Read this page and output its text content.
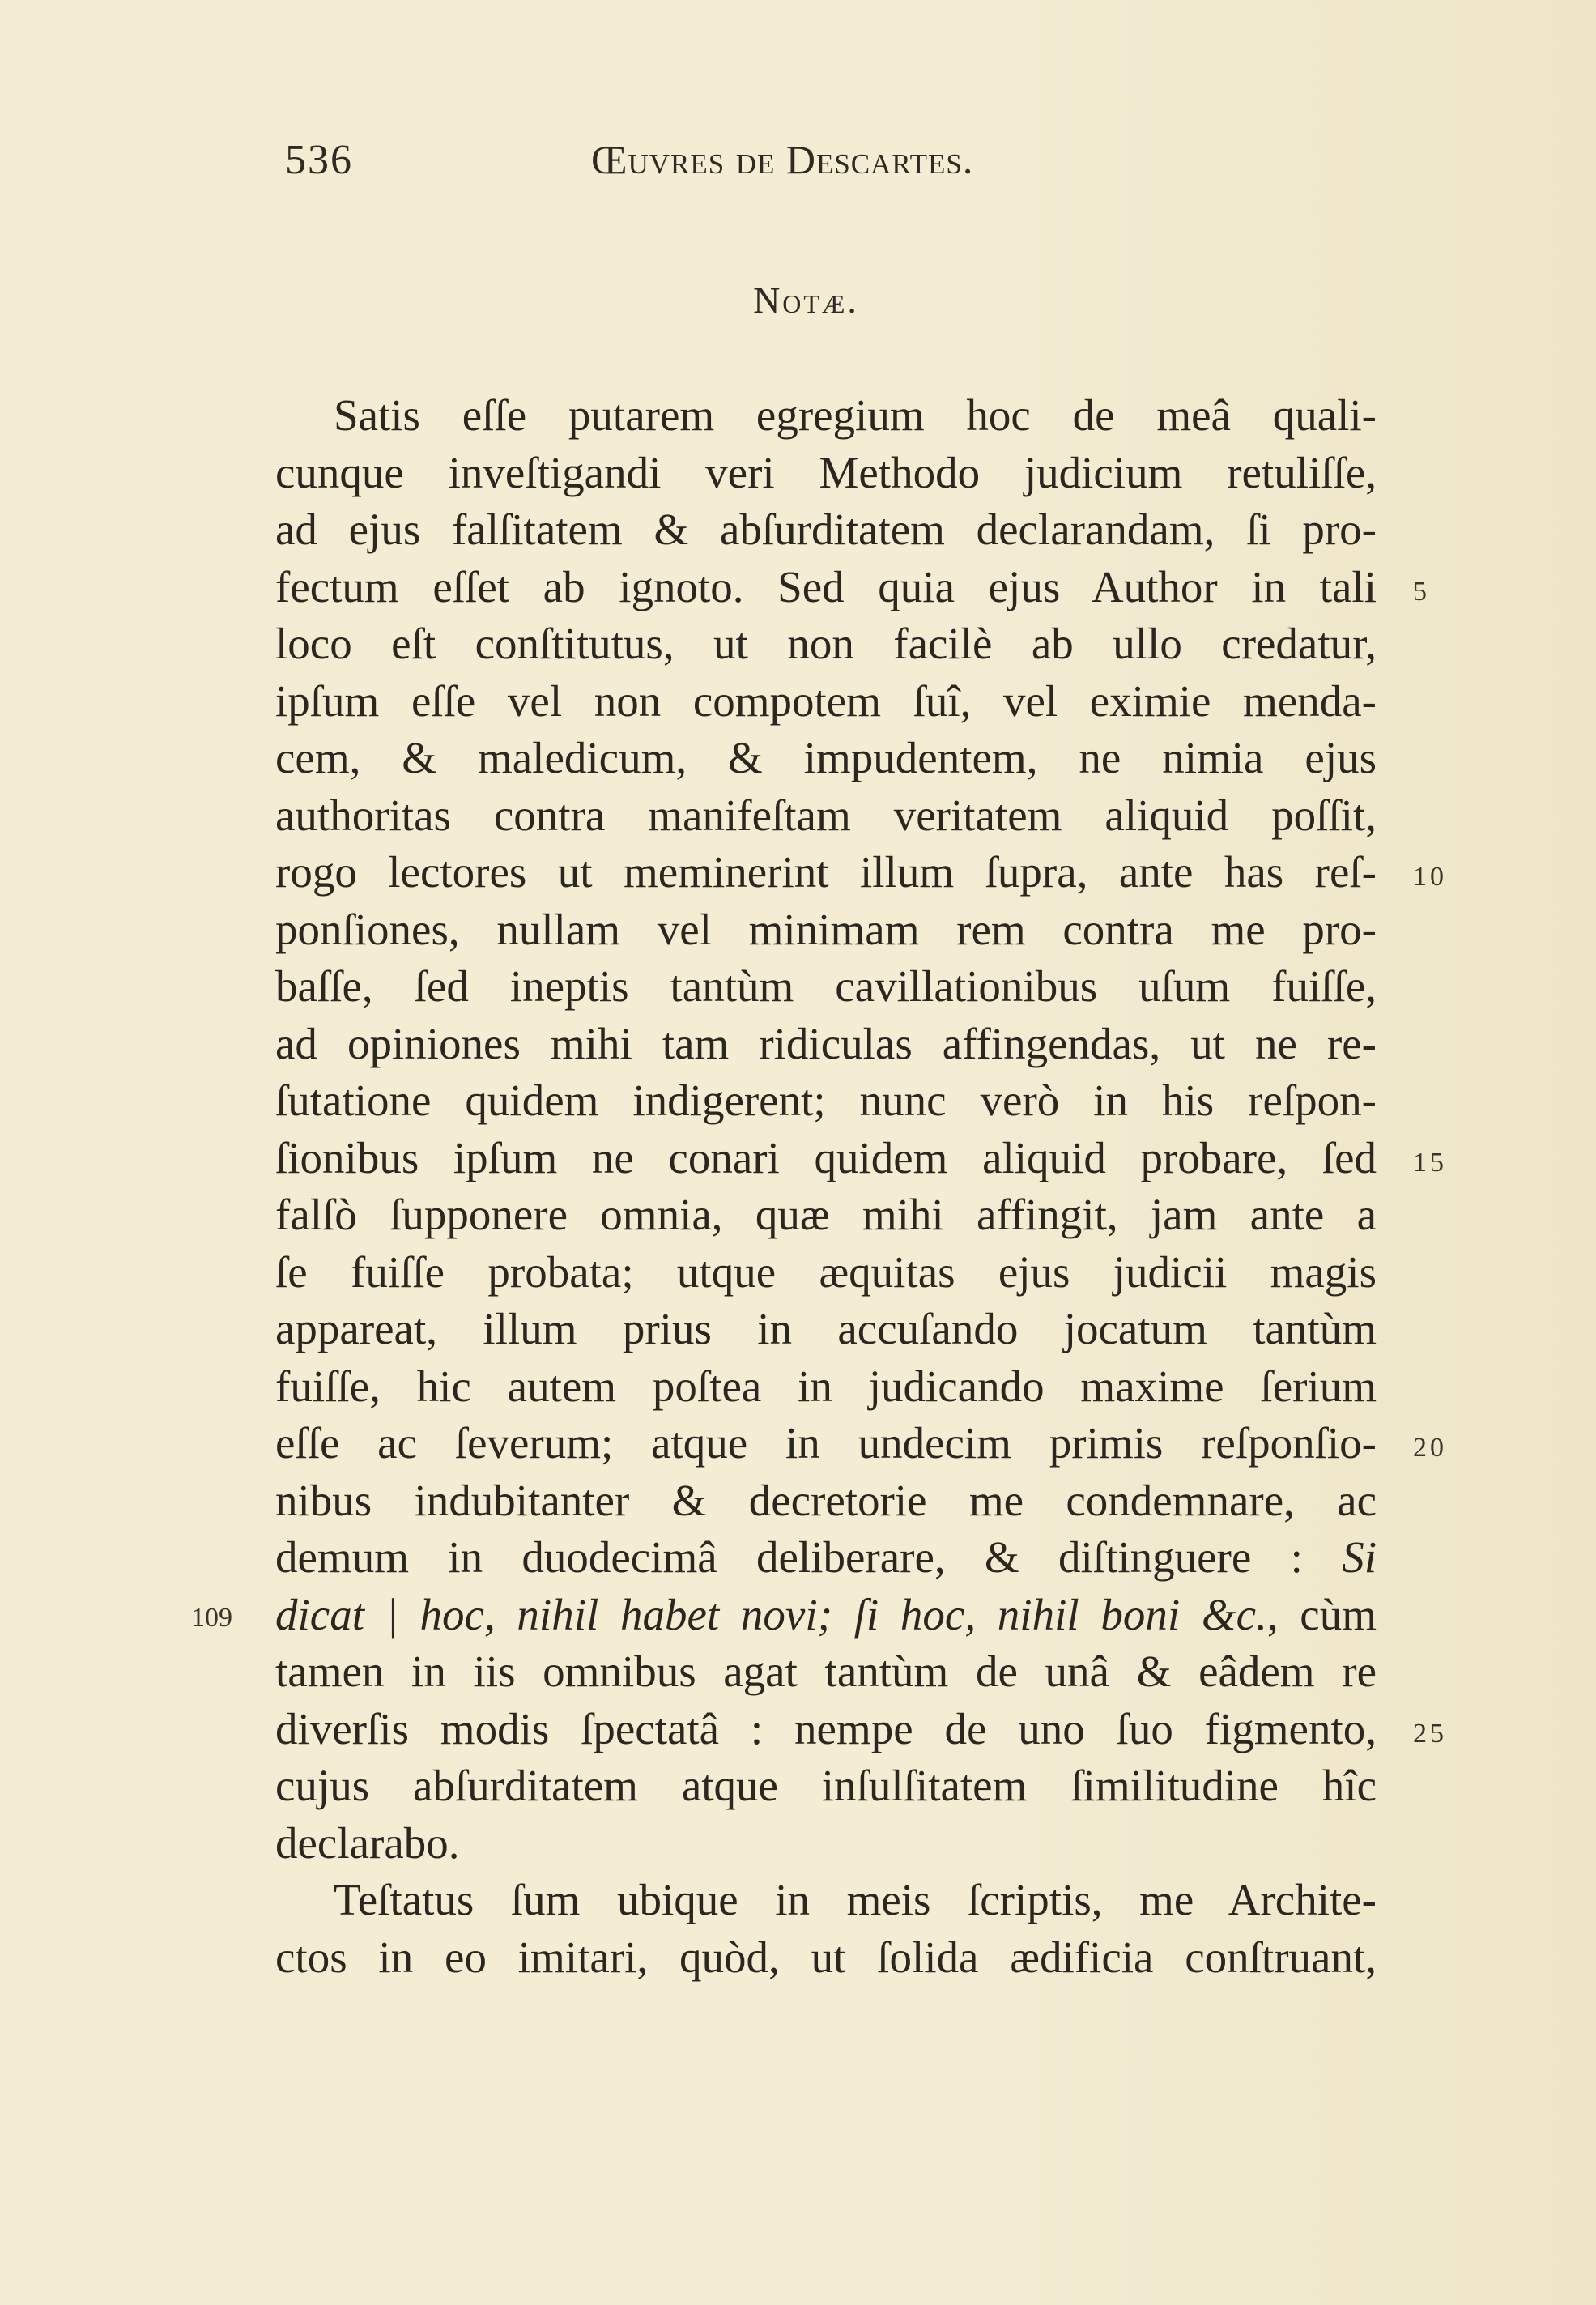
536	Œuvres de Descartes.
Notæ.
Satis eſſe putarem egregium hoc de meâ quali-
cunque inveſtigandi veri Methodo judicium retuliſſe,
ad ejus falſitatem & abſurditatem declarandam, ſi pro-
fectum eſſet ab ignoto. Sed quia ejus Author in tali 5
loco eſt conſtitutus, ut non facilè ab ullo credatur,
ipſum eſſe vel non compotem ſuî, vel eximie menda-
cem, & maledicum, & impudentem, ne nimia ejus
authoritas contra manifeſtam veritatem aliquid poſſit,
rogo lectores ut meminerint illum ſupra, ante has reſ- 10
ponſiones, nullam vel minimam rem contra me pro-
baſſe, ſed ineptis tantùm cavillationibus uſum fuiſſe,
ad opiniones mihi tam ridiculas affingendas, ut ne re-
ſutatione quidem indigerent; nunc verò in his reſpon-
ſionibus ipſum ne conari quidem aliquid probare, ſed 15
falſò ſupponere omnia, quæ mihi affingit, jam ante a
ſe fuiſſe probata; utque æquitas ejus judicii magis
appareat, illum prius in accuſando jocatum tantùm
fuiſſe, hic autem poſtea in judicando maxime ſerium
eſſe ac ſeverum; atque in undecim primis reſponſio- 20
nibus indubitanter & decretorie me condemnare, ac
demum in duodecimâ deliberare, & diſtinguere : Si
dicat | hoc, nihil habet novi; ſi hoc, nihil boni &c., cùm
109
tamen in iis omnibus agat tantùm de unâ & eâdem re
diverſis modis ſpectatâ : nempe de uno ſuo figmento, 25
cujus abſurditatem atque inſulſitatem ſimilitudine hîc
declarabo.
Teſtatus ſum ubique in meis ſcriptis, me Archite-
ctos in eo imitari, quòd, ut ſolida ædificia conſtruant,
